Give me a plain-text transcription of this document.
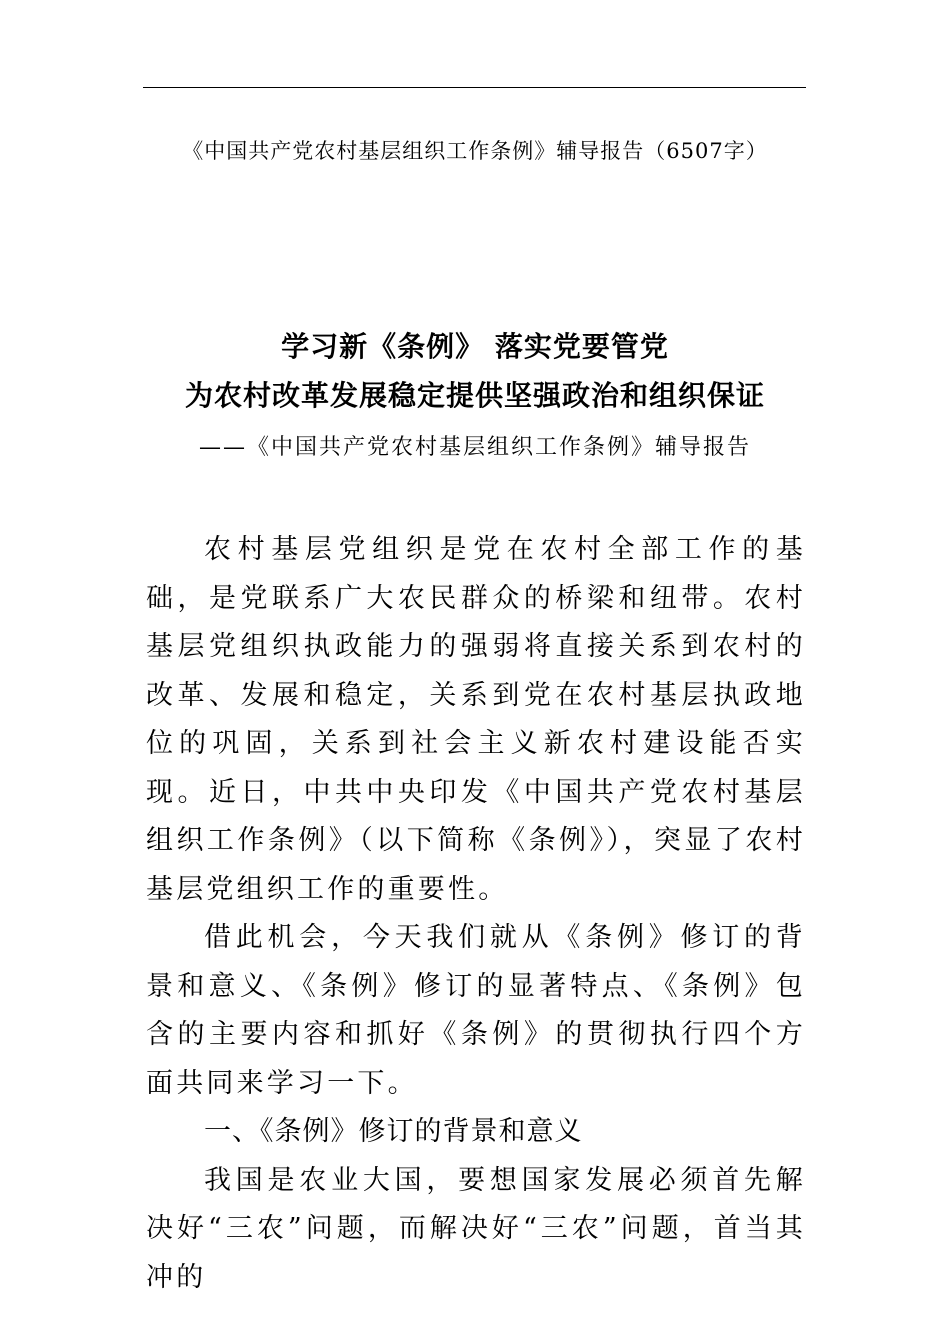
《中国共产党农村基层组织工作条例》辅导报告（6507字）
学习新《条例》 落实党要管党
为农村改革发展稳定提供坚强政治和组织保证
——《中国共产党农村基层组织工作条例》辅导报告

农村基层党组织是党在农村全部工作的基础，是党联系广大农民群众的桥梁和纽带。农村基层党组织执政能力的强弱将直接关系到农村的改革、发展和稳定，关系到党在农村基层执政地位的巩固，关系到社会主义新农村建设能否实现。近日，中共中央印发《中国共产党农村基层组织工作条例》（以下简称《条例》），突显了农村基层党组织工作的重要性。

借此机会，今天我们就从《条例》修订的背景和意义、《条例》修订的显著特点、《条例》包含的主要内容和抓好《条例》的贯彻执行四个方面共同来学习一下。

一、《条例》修订的背景和意义

我国是农业大国，要想国家发展必须首先解决好“三农”问题，而解决好“三农”问题，首当其冲的
